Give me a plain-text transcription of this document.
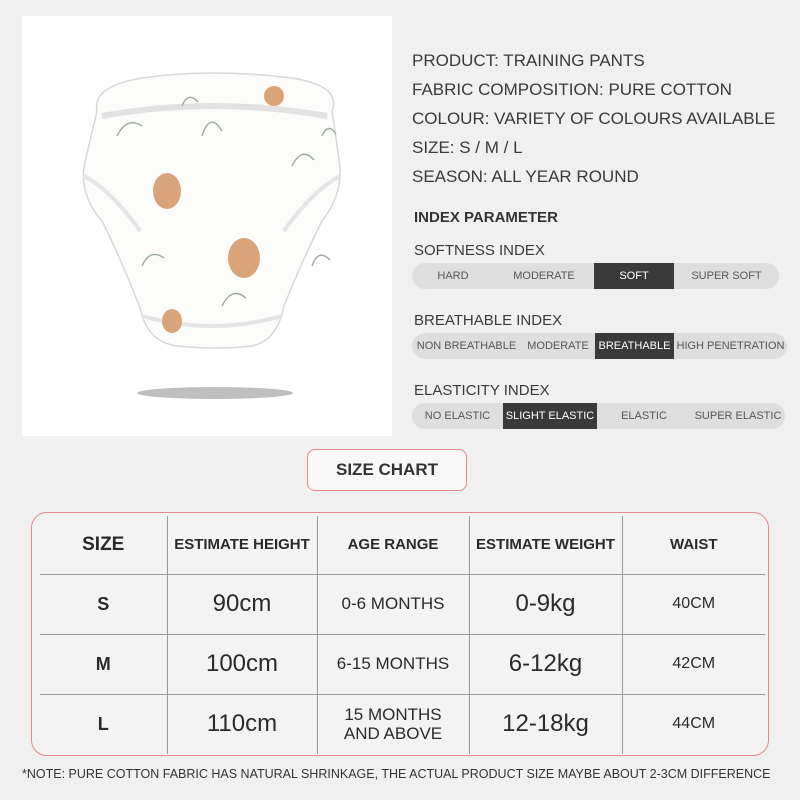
PRODUCT: TRAINING PANTS
FABRIC COMPOSITION: PURE COTTON
COLOUR: VARIETY OF COLOURS AVAILABLE
SIZE: S / M / L
SEASON: ALL YEAR ROUND
INDEX PARAMETER
SOFTNESS INDEX
HARD	MODERATE	SOFT	SUPER SOFT
BREATHABLE INDEX
NON BREATHABLE	MODERATE BREATHABLE HIGH PENETRATION
ELASTICITY INDEX
NO ELASTIC	SLIGHT ELASTIC	ELASTIC	SUPER ELASTIC
SIZE CHART
SIZE	ESTIMATE HEIGHT	AGE RANGE	ESTIMATE WEIGHT	WAIST
S	90cm	0-6 MONTHS	0-9kg	40CM
M	100cm	6-15 MONTHS	6-12kg	42CM
L	110cm	15 MONTHS AND ABOVE	12-18kg	44CM
*NOTE: PURE COTTON FABRIC HAS NATURAL SHRINKAGE, THE ACTUAL PRODUCT SIZE MAYBE ABOUT 2-3CM DIFFERENCE
